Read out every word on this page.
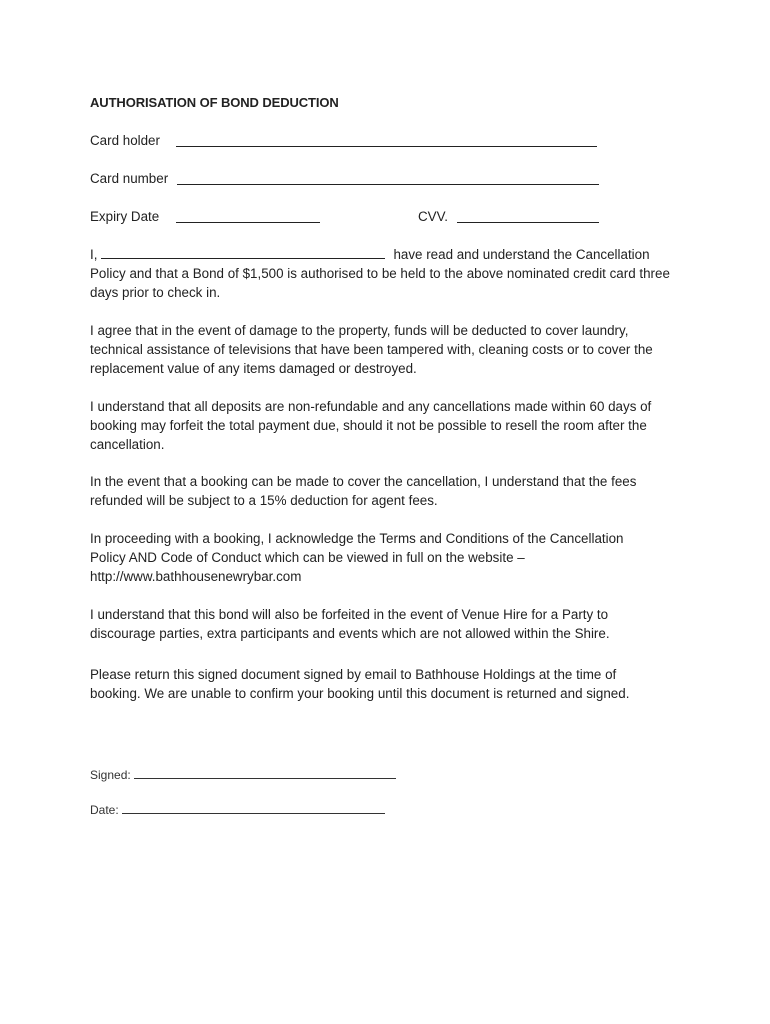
AUTHORISATION OF BOND DEDUCTION
Card holder
Card number
Expiry Date	CVV.

I,	have read and understand the Cancellation Policy and that a Bond of $1,500 is authorised to be held to the above nominated credit card three days prior to check in.

I agree that in the event of damage to the property, funds will be deducted to cover laundry, technical assistance of televisions that have been tampered with, cleaning costs or to cover the replacement value of any items damaged or destroyed.

I understand that all deposits are non-refundable and any cancellations made within 60 days of booking may forfeit the total payment due, should it not be possible to resell the room after the cancellation.

In the event that a booking can be made to cover the cancellation, I understand that the fees refunded will be subject to a 15% deduction for agent fees.

In proceeding with a booking, I acknowledge the Terms and Conditions of the Cancellation Policy AND Code of Conduct which can be viewed in full on the website – http://www.bathhousenewrybar.com

I understand that this bond will also be forfeited in the event of Venue Hire for a Party to discourage parties, extra participants and events which are not allowed within the Shire.

Please return this signed document signed by email to Bathhouse Holdings at the time of booking. We are unable to confirm your booking until this document is returned and signed.

Signed:
Date:
